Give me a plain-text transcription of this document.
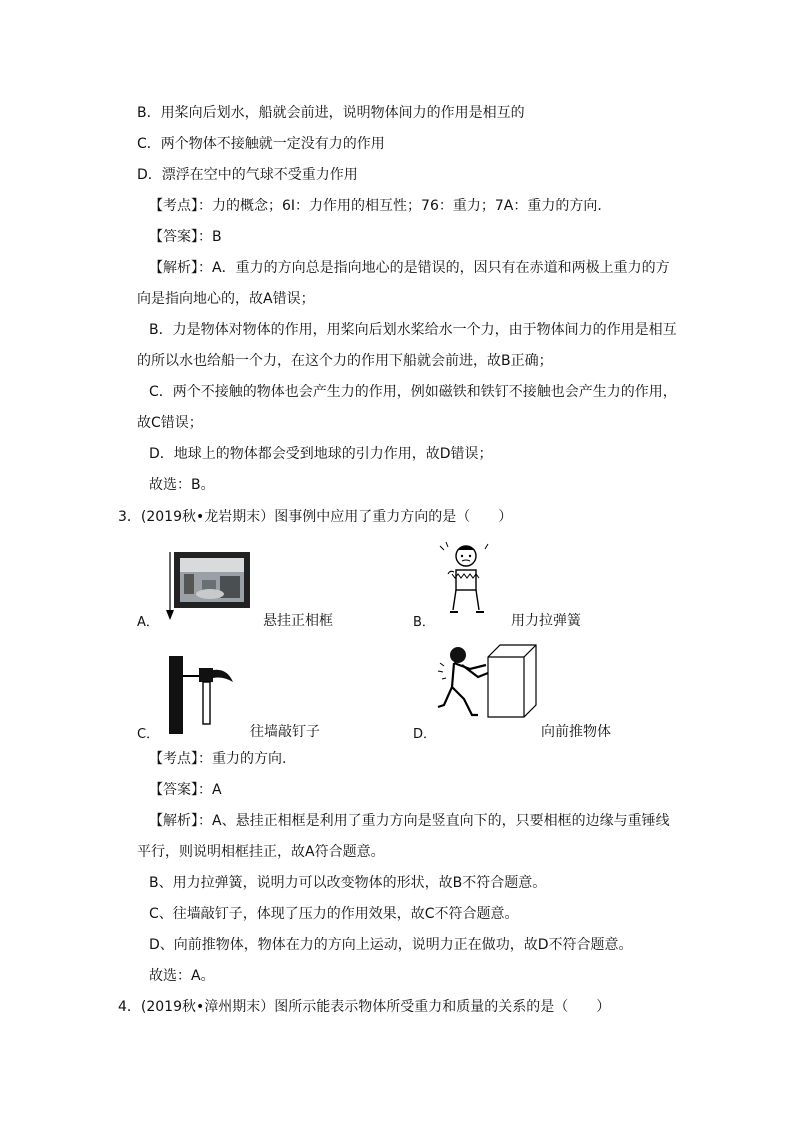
B．用桨向后划水，船就会前进，说明物体间力的作用是相互的
C．两个物体不接触就一定没有力的作用
D．漂浮在空中的气球不受重力作用
【考点】：力的概念；6I：力作用的相互性；76：重力；7A：重力的方向.
【答案】：B
【解析】：A．重力的方向总是指向地心的是错误的，因只有在赤道和两极上重力的方
向是指向地心的，故A错误；
B．力是物体对物体的作用，用桨向后划水桨给水一个力，由于物体间力的作用是相互
的所以水也给船一个力，在这个力的作用下船就会前进，故B正确；
C．两个不接触的物体也会产生力的作用，例如磁铁和铁钉不接触也会产生力的作用，
故C错误；
D．地球上的物体都会受到地球的引力作用，故D错误；
故选：B。
3．(2019秋•龙岩期末）图事例中应用了重力方向的是（　　）
A．	悬挂正相框	B．	用力拉弹簧
C．	往墙敲钉子	D．	向前推物体
【考点】：重力的方向.
【答案】：A
【解析】：A、悬挂正相框是利用了重力方向是竖直向下的，只要相框的边缘与重锤线
平行，则说明相框挂正，故A符合题意。
B、用力拉弹簧，说明力可以改变物体的形状，故B不符合题意。
C、往墙敲钉子，体现了压力的作用效果，故C不符合题意。
D、向前推物体，物体在力的方向上运动，说明力正在做功，故D不符合题意。
故选：A。
4．(2019秋•漳州期末）图所示能表示物体所受重力和质量的关系的是（　　）
